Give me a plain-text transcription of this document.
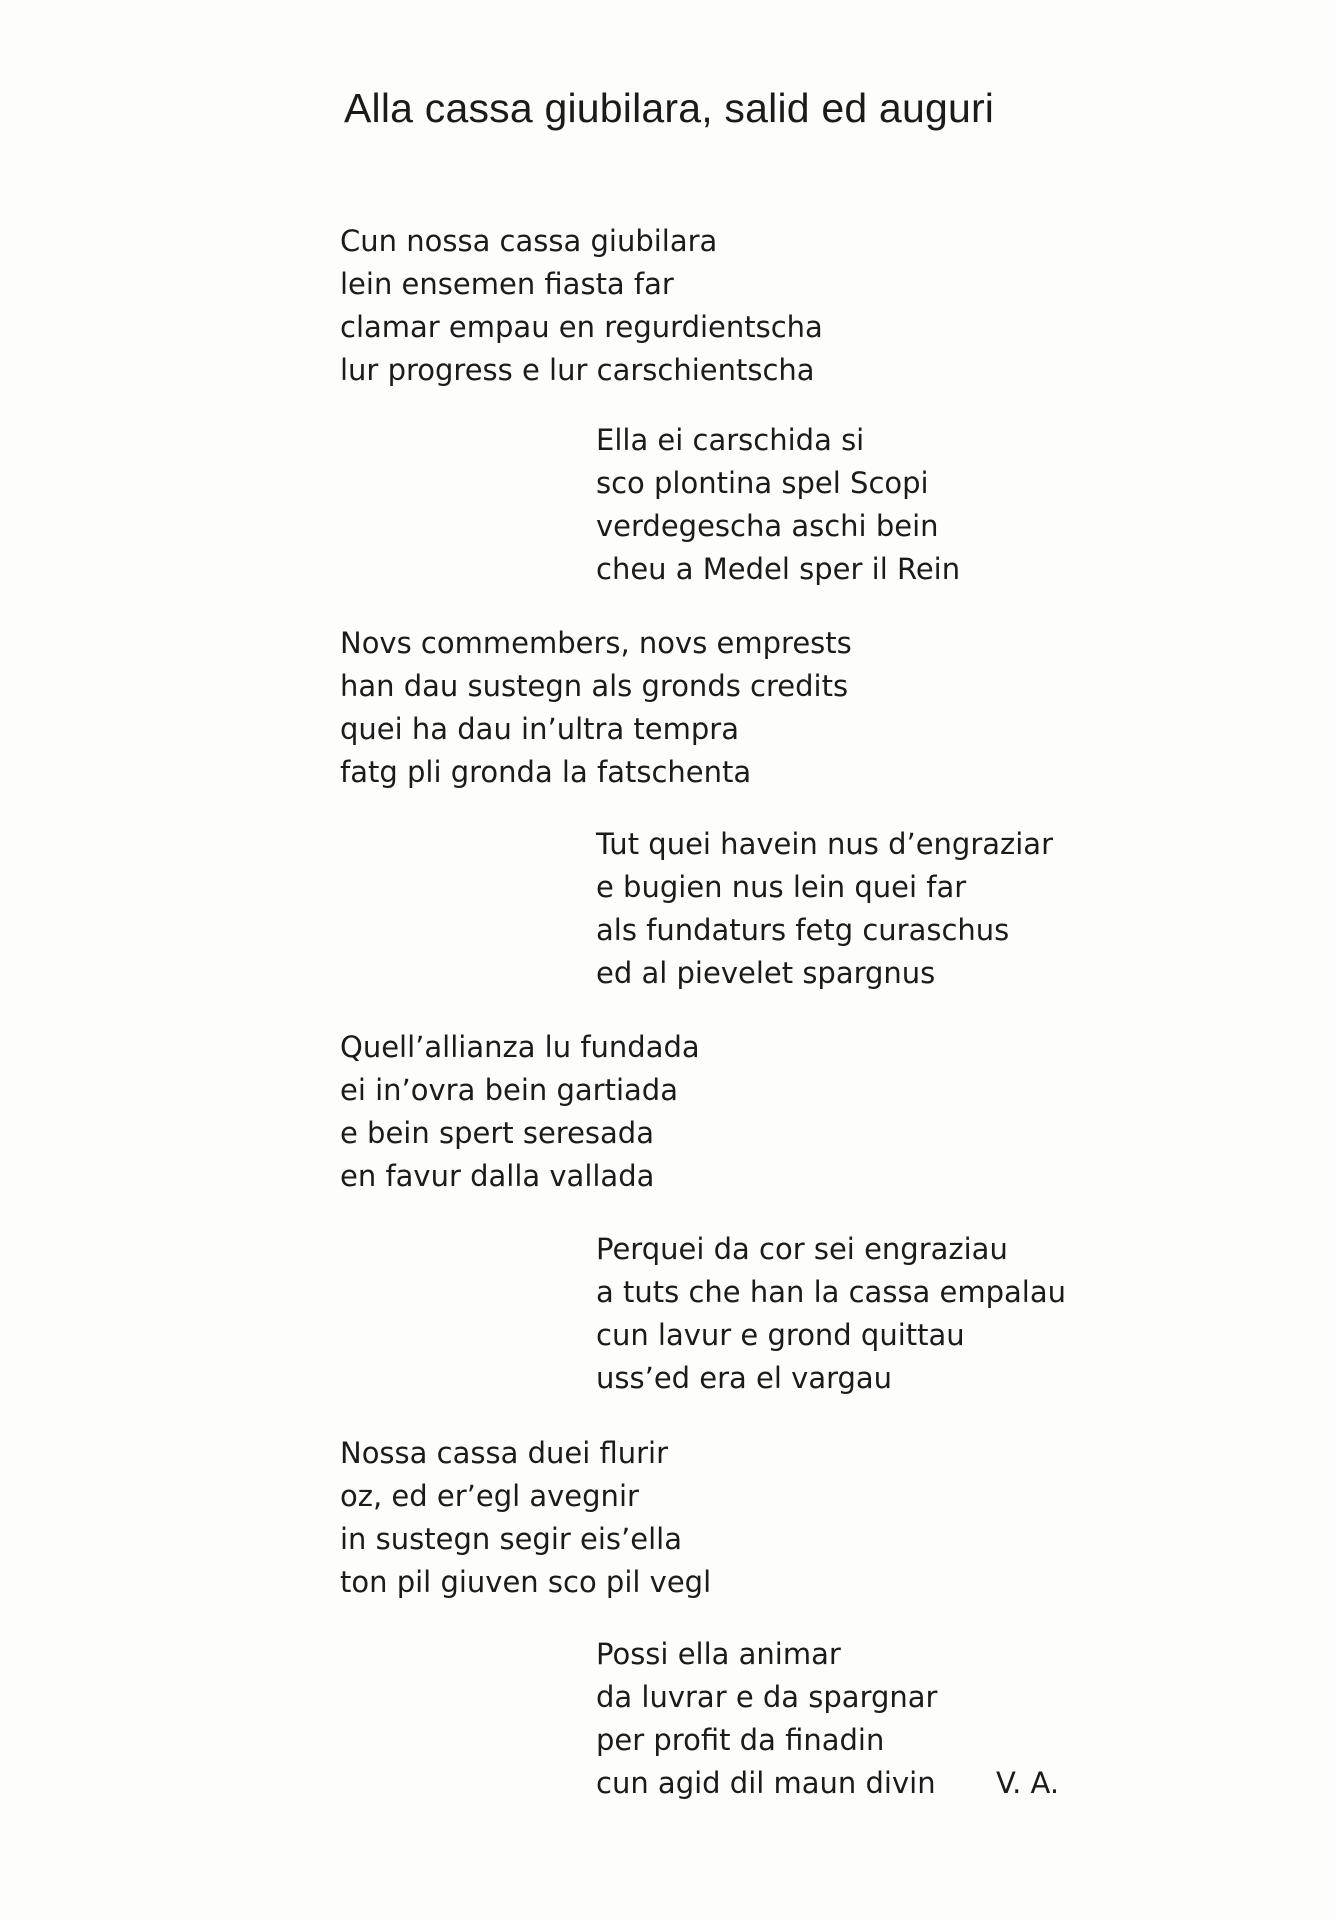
Alla cassa giubilara, salid ed auguri
Cun nossa cassa giubilara
lein ensemen fiasta far
clamar empau en regurdientscha
lur progress e lur carschientscha
Ella ei carschida si
sco plontina spel Scopi
verdegescha aschi bein
cheu a Medel sper il Rein
Novs commembers, novs emprests
han dau sustegn als gronds credits
quei ha dau in’ultra tempra
fatg pli gronda la fatschenta
Tut quei havein nus d’engraziar
e bugien nus lein quei far
als fundaturs fetg curaschus
ed al pievelet spargnus
Quell’allianza lu fundada
ei in’ovra bein gartiada
e bein spert seresada
en favur dalla vallada
Perquei da cor sei engraziau
a tuts che han la cassa empalau
cun lavur e grond quittau
uss’ed era el vargau
Nossa cassa duei flurir
oz, ed er’egl avegnir
in sustegn segir eis’ella
ton pil giuven sco pil vegl
Possi ella animar
da luvrar e da spargnar
per profit da finadin
cun agid dil maun divin V. A.
